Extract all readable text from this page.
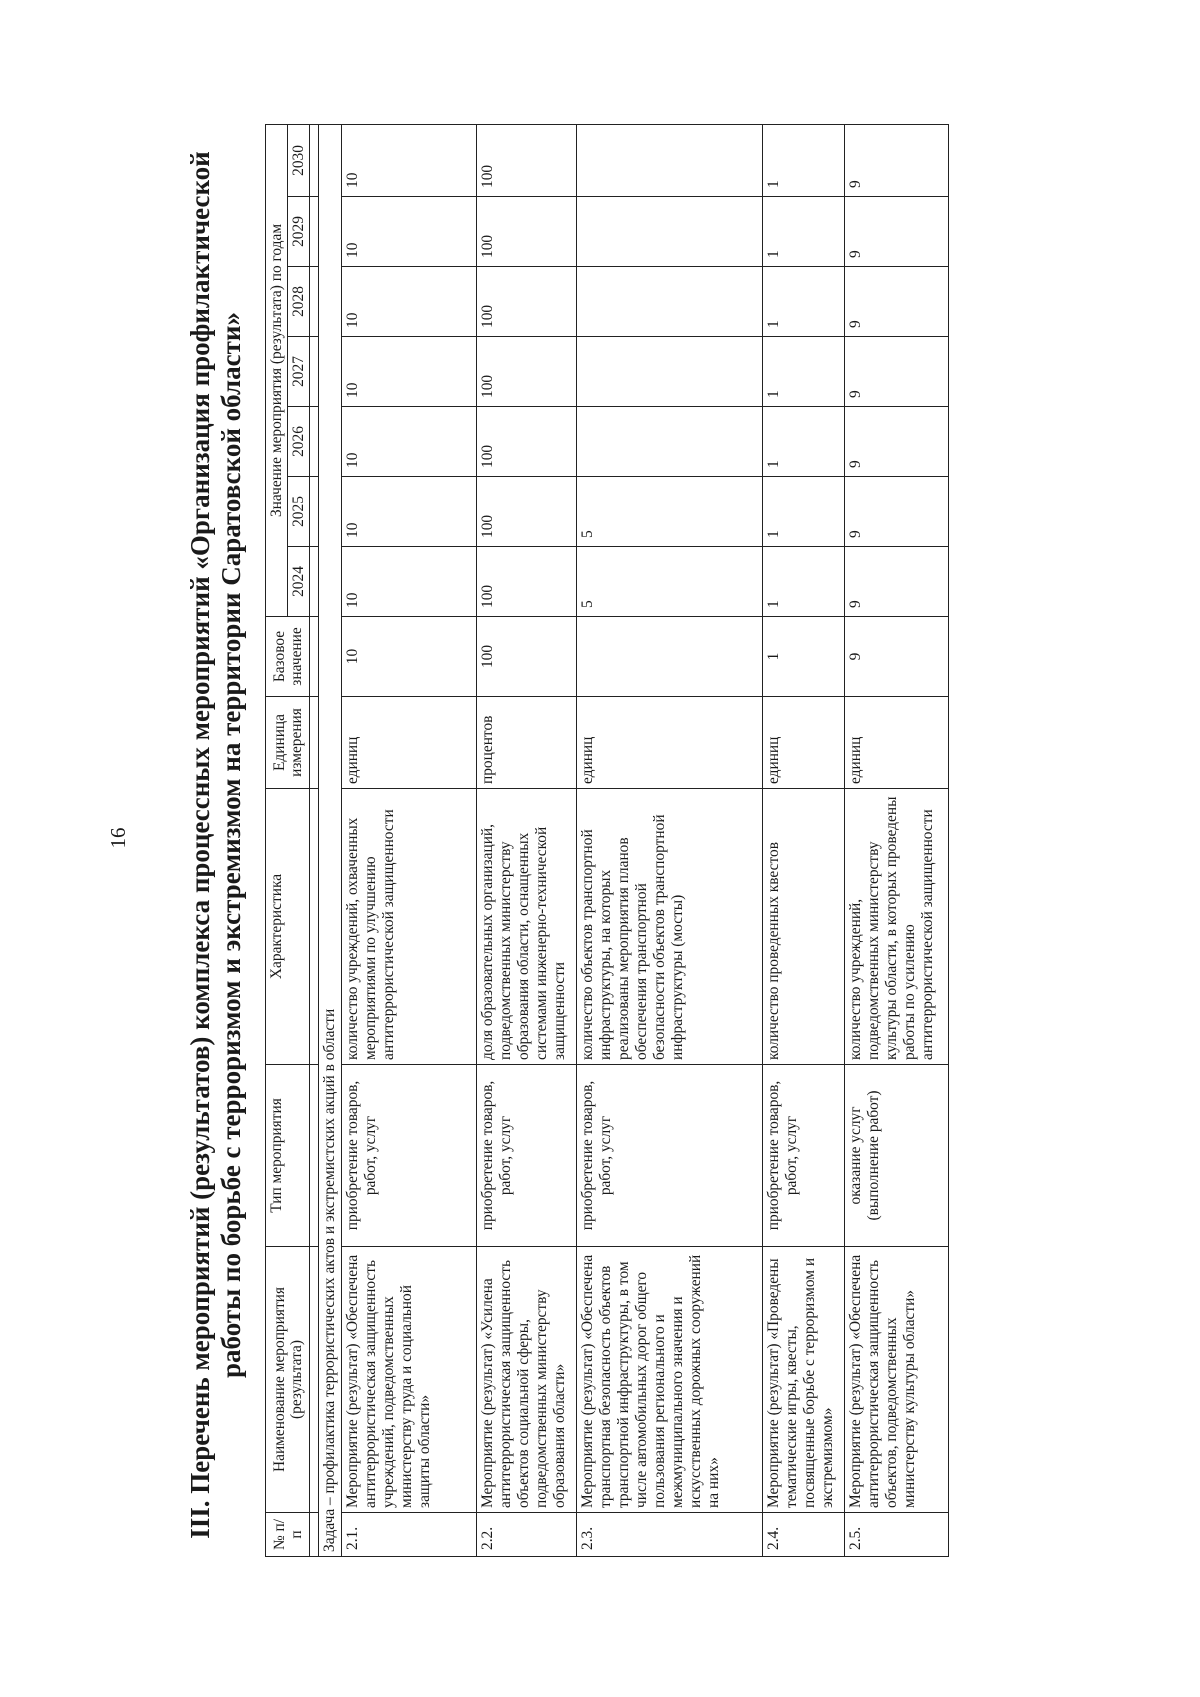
16 III. Перечень мероприятий (результатов) комплекса процессных мероприятий «Организация профилактической работы по борьбе с терроризмом и экстремизмом на территории Саратовской области»
№ п/п	Наименование мероприятия (результата)	Тип мероприятия	Характеристика	Единица измерения	Базовое значение	Значение мероприятия (результата) по годам						
						2024	2025	2026	2027	2028	2029	2030

Задача – профилактика террористических актов и экстремистских акций в области												
2.1.	Мероприятие (результат) «Обеспечена антитеррористическая защищенность учреждений, подведомственных министерству труда и социальной защиты области»	приобретение товаров, работ, услуг	количество учреждений, охваченных мероприятиями по улучшению антитеррористической защищенности	единиц	10	10	10	10	10	10	10	10
2.2.	Мероприятие (результат) «Усилена антитеррористическая защищенность объектов социальной сферы, подведомственных министерству образования области»	приобретение товаров, работ, услуг	доля образовательных организаций, подведомственных министерству образования области, оснащенных системами инженерно-технической защищенности	процентов	100	100	100	100	100	100	100	100
2.3.	Мероприятие (результат) «Обеспечена транспортная безопасность объектов транспортной инфраструктуры, в том числе автомобильных дорог общего пользования регионального и межмуниципального значения и искусственных дорожных сооружений на них»	приобретение товаров, работ, услуг	количество объектов транспортной инфраструктуры, на которых реализованы мероприятия планов обеспечения транспортной безопасности объектов транспортной инфраструктуры (мосты)	единиц		5	5					
2.4.	Мероприятие (результат) «Проведены тематические игры, квесты, посвященные борьбе с терроризмом и экстремизмом»	приобретение товаров, работ, услуг	количество проведенных квестов	единиц	1	1	1	1	1	1	1	1
2.5.	Мероприятие (результат) «Обеспечена антитеррористическая защищенность объектов, подведомственных министерству культуры области»	оказание услуг (выполнение работ)	количество учреждений, подведомственных министерству культуры области, в которых проведены работы по усилению антитеррористической защищенности	единиц	9	9	9	9	9	9	9	9
